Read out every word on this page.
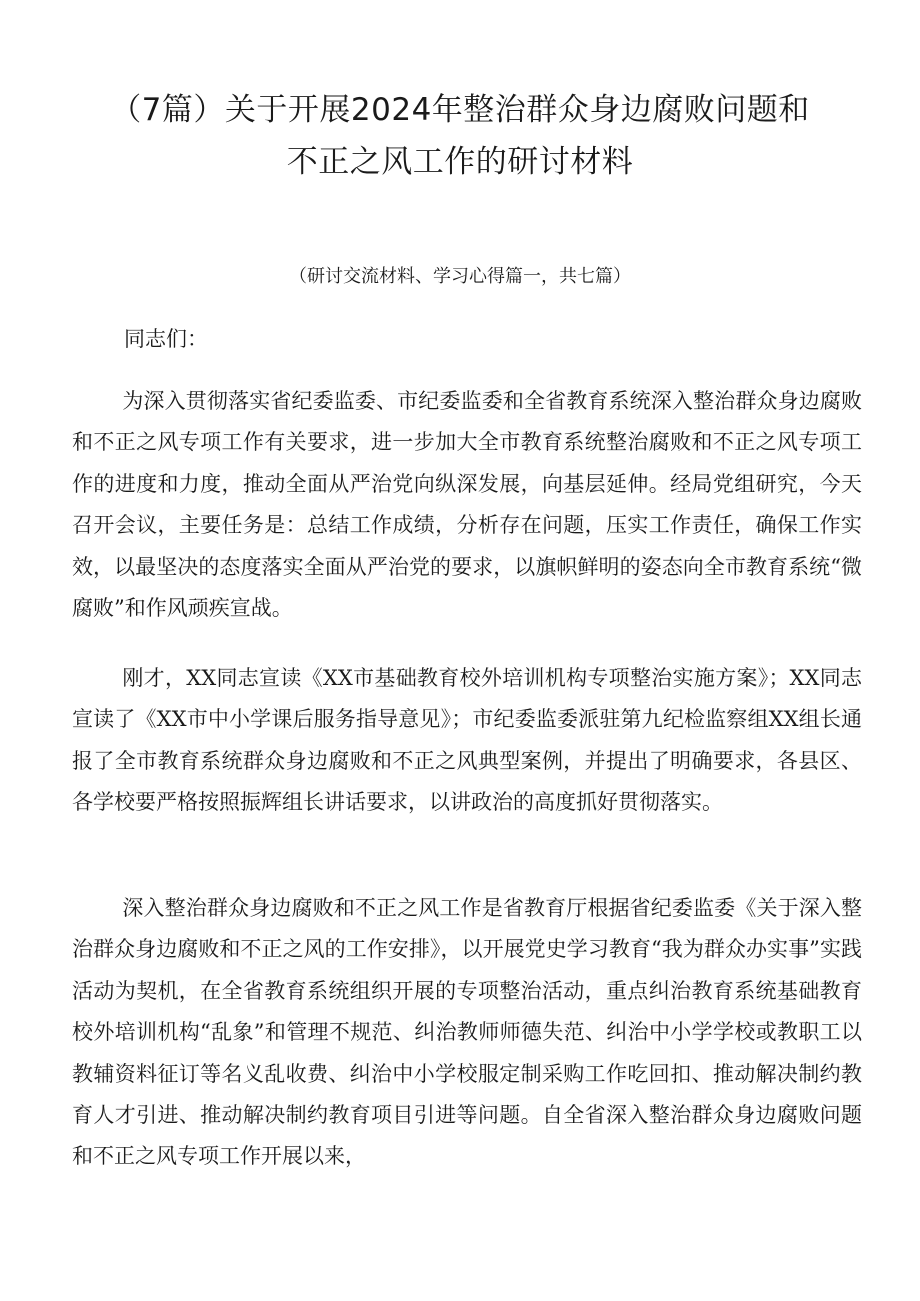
（7篇）关于开展2024年整治群众身边腐败问题和
不正之风工作的研讨材料

（研讨交流材料、学习心得篇一，共七篇）

同志们：

为深入贯彻落实省纪委监委、市纪委监委和全省教育系统深入整治群众身边腐败和不正之风专项工作有关要求，进一步加大全市教育系统整治腐败和不正之风专项工作的进度和力度，推动全面从严治党向纵深发展，向基层延伸。经局党组研究，今天召开会议，主要任务是：总结工作成绩，分析存在问题，压实工作责任，确保工作实效，以最坚决的态度落实全面从严治党的要求，以旗帜鲜明的姿态向全市教育系统“微腐败”和作风顽疾宣战。

刚才，XX同志宣读《XX市基础教育校外培训机构专项整治实施方案》；XX同志宣读了《XX市中小学课后服务指导意见》；市纪委监委派驻第九纪检监察组XX组长通报了全市教育系统群众身边腐败和不正之风典型案例，并提出了明确要求，各县区、各学校要严格按照振辉组长讲话要求，以讲政治的高度抓好贯彻落实。

深入整治群众身边腐败和不正之风工作是省教育厅根据省纪委监委《关于深入整治群众身边腐败和不正之风的工作安排》，以开展党史学习教育“我为群众办实事”实践活动为契机，在全省教育系统组织开展的专项整治活动，重点纠治教育系统基础教育校外培训机构“乱象”和管理不规范、纠治教师师德失范、纠治中小学学校或教职工以教辅资料征订等名义乱收费、纠治中小学校服定制采购工作吃回扣、推动解决制约教育人才引进、推动解决制约教育项目引进等问题。自全省深入整治群众身边腐败问题和不正之风专项工作开展以来，
